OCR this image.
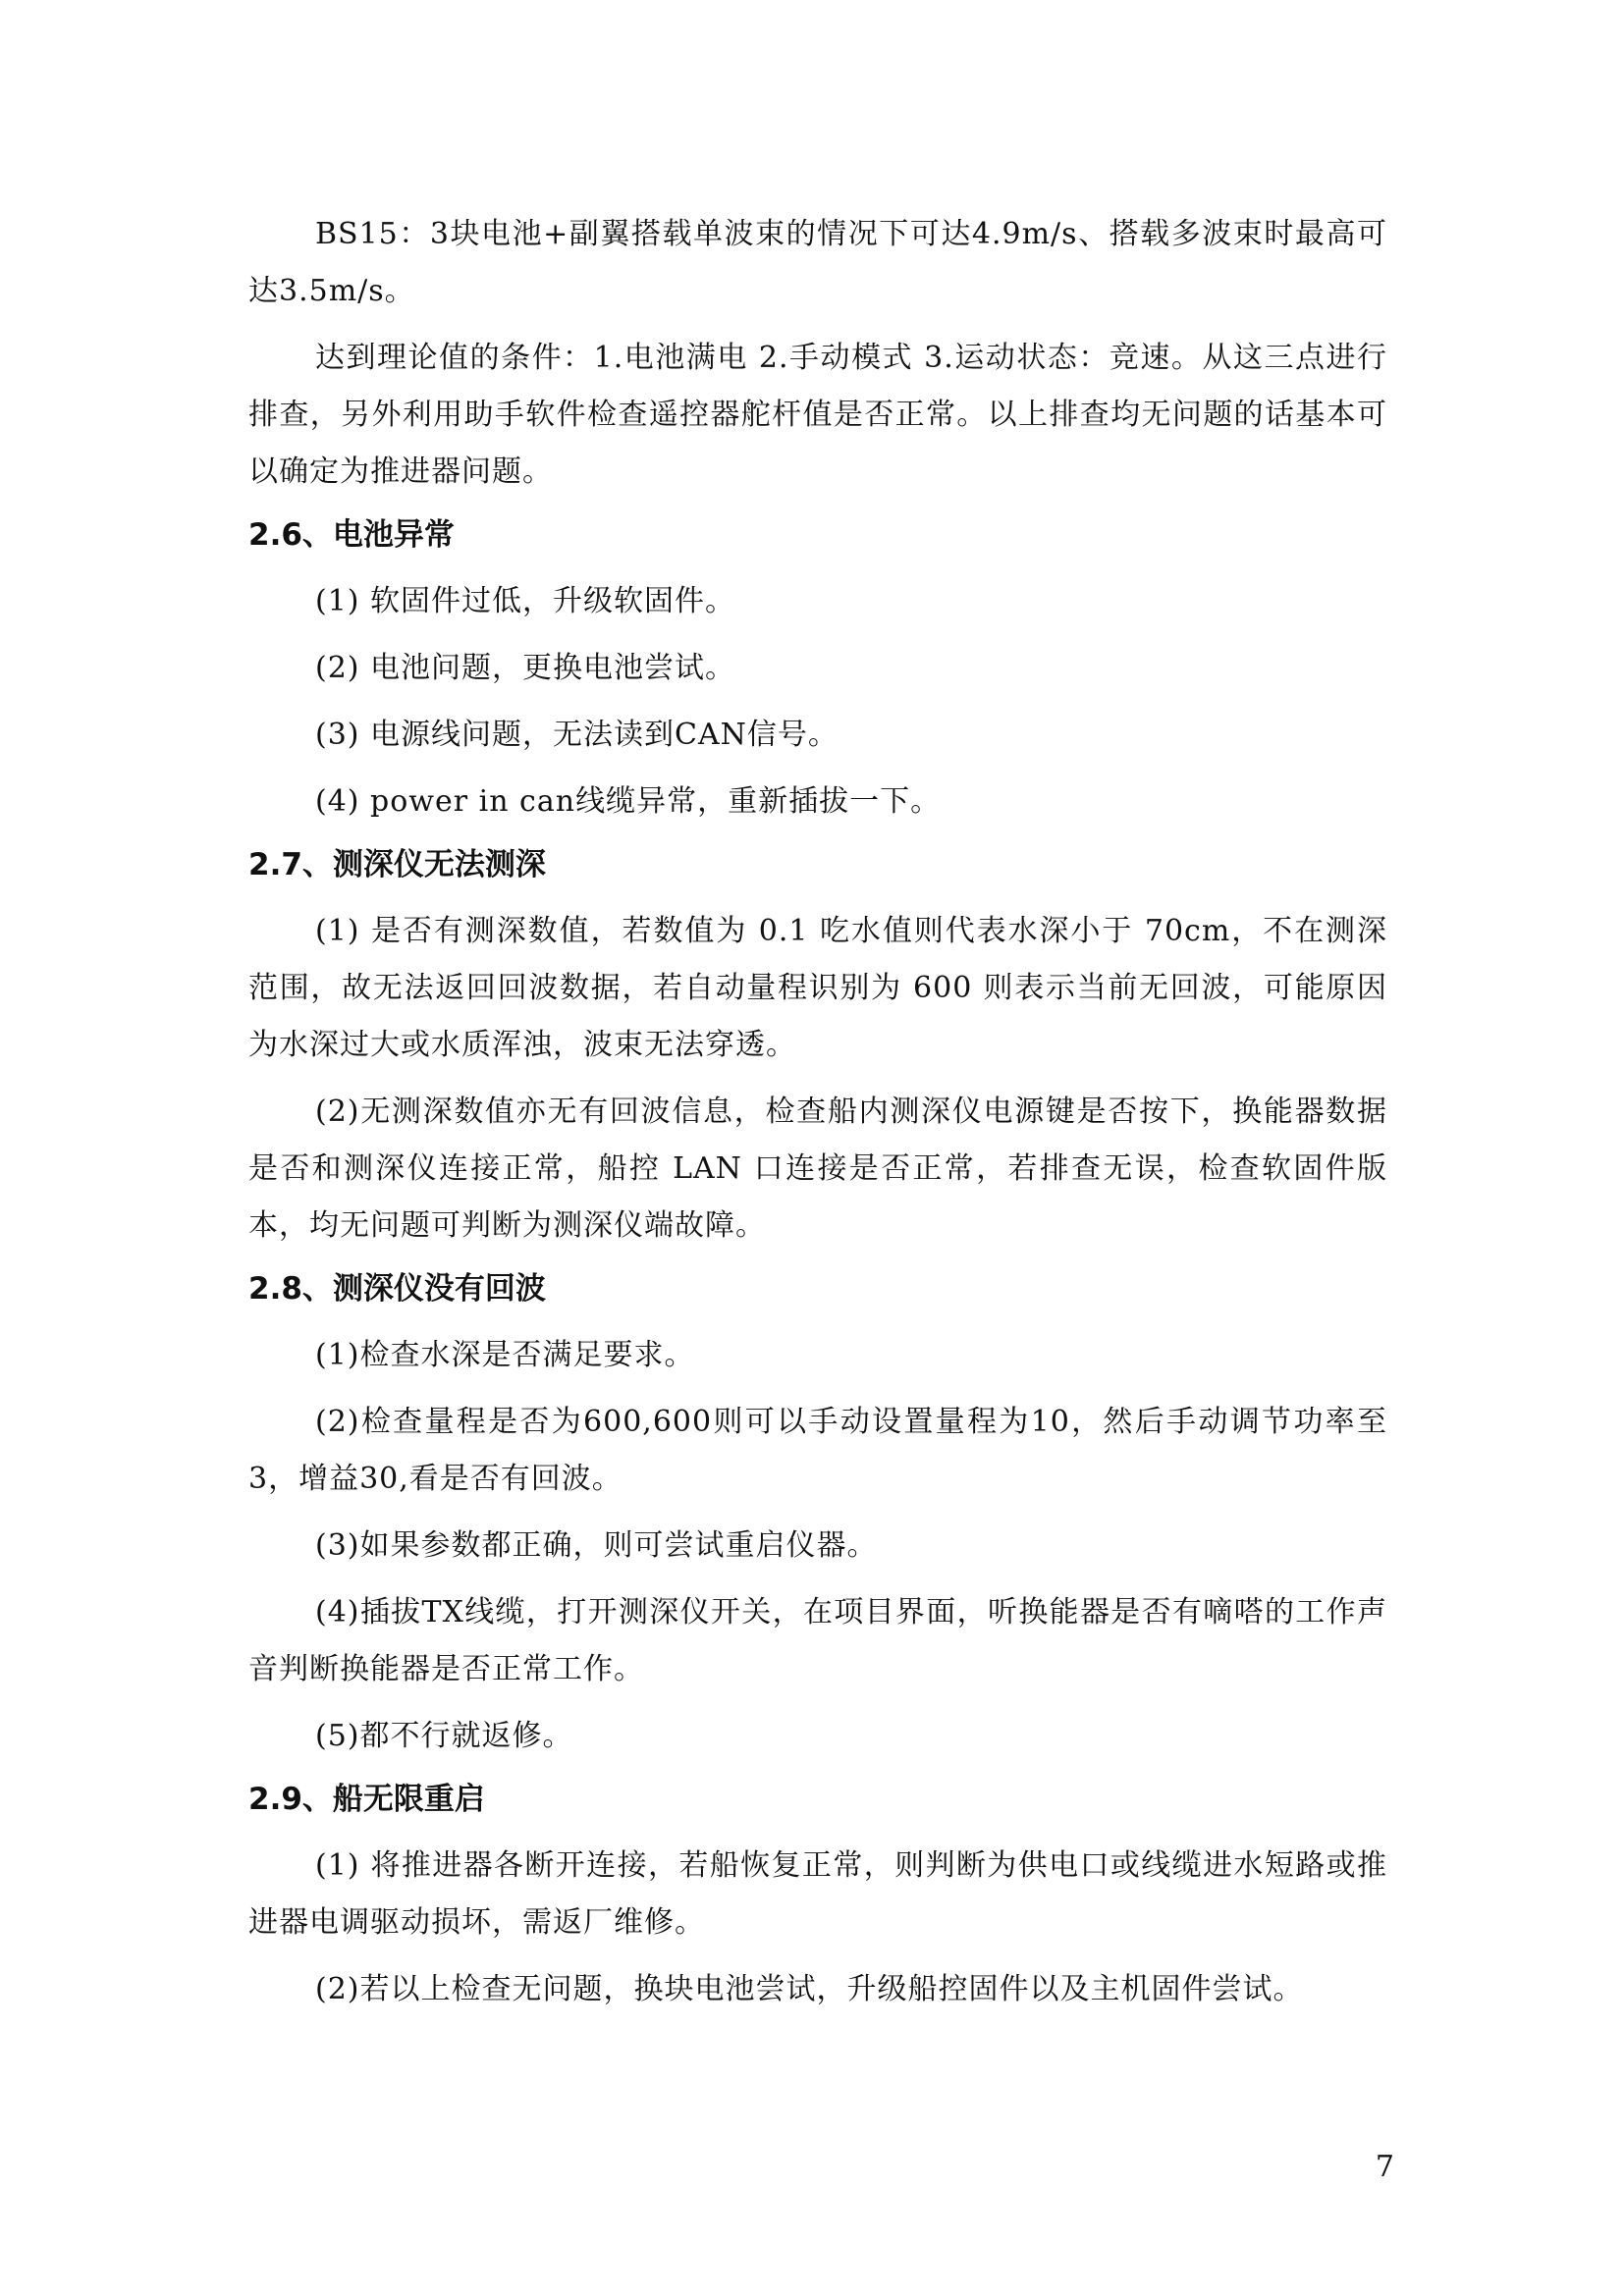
BS15：3块电池+副翼搭载单波束的情况下可达4.9m/s、搭载多波束时最高可达3.5m/s。

达到理论值的条件：1.电池满电 2.手动模式 3.运动状态：竞速。从这三点进行排查，另外利用助手软件检查遥控器舵杆值是否正常。以上排查均无问题的话基本可以确定为推进器问题。

2.6、电池异常

(1) 软固件过低，升级软固件。

(2) 电池问题，更换电池尝试。

(3) 电源线问题，无法读到CAN信号。

(4) power in can线缆异常，重新插拔一下。

2.7、测深仪无法测深

(1) 是否有测深数值，若数值为 0.1 吃水值则代表水深小于 70cm，不在测深范围，故无法返回回波数据，若自动量程识别为 600 则表示当前无回波，可能原因为水深过大或水质浑浊，波束无法穿透。

(2)无测深数值亦无有回波信息，检查船内测深仪电源键是否按下，换能器数据是否和测深仪连接正常，船控 LAN 口连接是否正常，若排查无误，检查软固件版本，均无问题可判断为测深仪端故障。

2.8、测深仪没有回波

(1)检查水深是否满足要求。

(2)检查量程是否为600,600则可以手动设置量程为10，然后手动调节功率至3，增益30,看是否有回波。

(3)如果参数都正确，则可尝试重启仪器。

(4)插拔TX线缆，打开测深仪开关，在项目界面，听换能器是否有嘀嗒的工作声音判断换能器是否正常工作。

(5)都不行就返修。

2.9、船无限重启

(1) 将推进器各断开连接，若船恢复正常，则判断为供电口或线缆进水短路或推进器电调驱动损坏，需返厂维修。

(2)若以上检查无问题，换块电池尝试，升级船控固件以及主机固件尝试。

7
